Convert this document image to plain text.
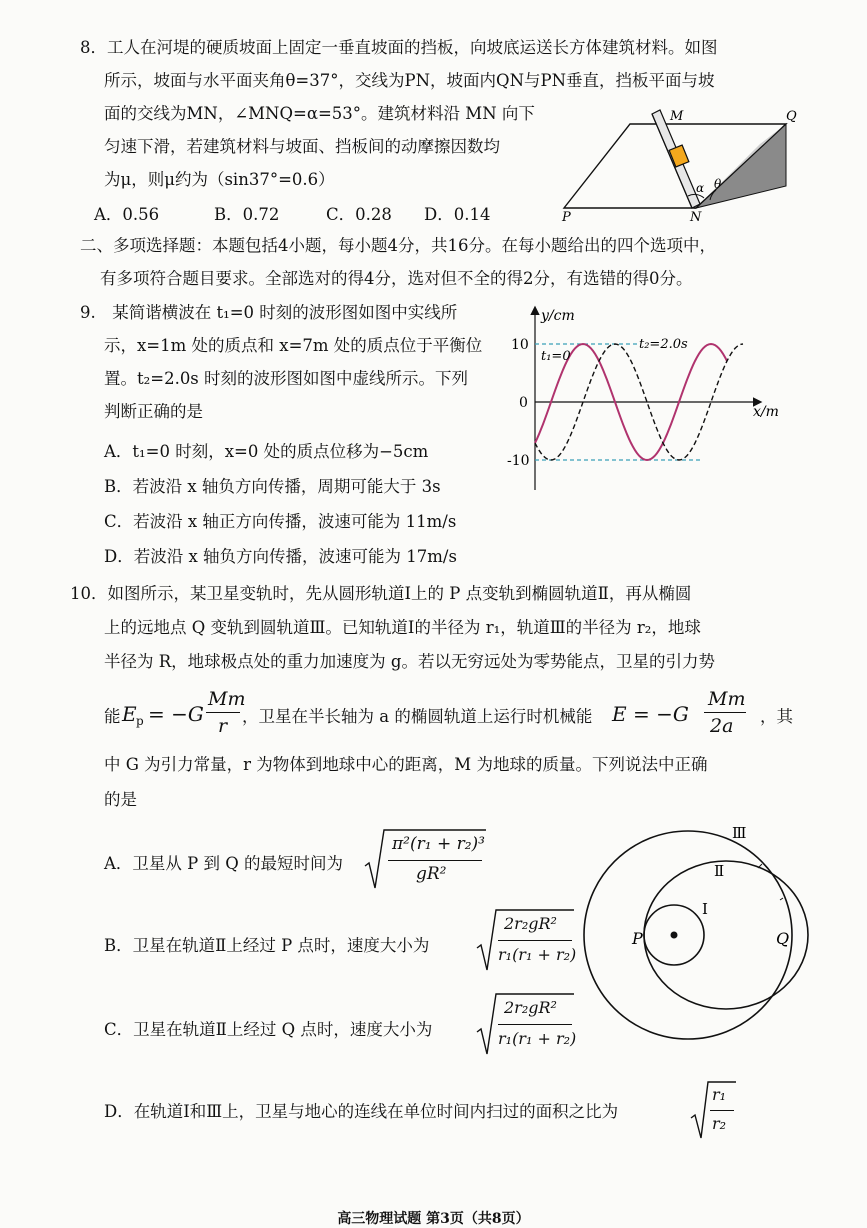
8．工人在河堤的硬质坡面上固定一垂直坡面的挡板，向坡底运送长方体建筑材料。如图
所示，坡面与水平面夹角θ=37°，交线为PN，坡面内QN与PN垂直，挡板平面与坡
面的交线为MN，∠MNQ=α=53°。建筑材料沿 MN 向下
匀速下滑，若建筑材料与坡面、挡板间的动摩擦因数均
为μ，则μ约为（sin37°=0.6）
A．0.56	B．0.72	C．0.28 D．0.14
M	Q
P	N
α θ
二、多项选择题：本题包括4小题，每小题4分，共16分。在每小题给出的四个选项中，
有多项符合题目要求。全部选对的得4分，选对但不全的得2分，有选错的得0分。
9.　某简谐横波在 t₁=0 时刻的波形图如图中实线所
示，x=1m 处的质点和 x=7m 处的质点位于平衡位
置。t₂=2.0s 时刻的波形图如图中虚线所示。下列
判断正确的是
A．t₁=0 时刻，x=0 处的质点位移为−5cm
B．若波沿 x 轴负方向传播，周期可能大于 3s
C．若波沿 x 轴正方向传播，波速可能为 11m/s
D．若波沿 x 轴负方向传播，波速可能为 17m/s
y/cm
x/m
10
0
-10
t₁=0
t₂=2.0s
10．如图所示，某卫星变轨时，先从圆形轨道Ⅰ上的 P 点变轨到椭圆轨道Ⅱ，再从椭圆
上的远地点 Q 变轨到圆轨道Ⅲ。已知轨道Ⅰ的半径为 r₁，轨道Ⅲ的半径为 r₂，地球
半径为 R，地球极点处的重力加速度为 g。若以无穷远处为零势能点，卫星的引力势
能 E p = −G
Mm
r ，卫星在半长轴为 a 的椭圆轨道上运行时机械能 E = −G
Mm
2a ，其
中 G 为引力常量，r 为物体到地球中心的距离，M 为地球的质量。下列说法中正确
的是
A．卫星从 P 到 Q 的最短时间为
π²(r₁ + r₂)³
gR²
B．卫星在轨道Ⅱ上经过 P 点时，速度大小为
2r₂gR²
r₁(r₁ + r₂)
C．卫星在轨道Ⅱ上经过 Q 点时，速度大小为
2r₂gR²
r₁(r₁ + r₂)
D．在轨道Ⅰ和Ⅲ上，卫星与地心的连线在单位时间内扫过的面积之比为
r₁
r₂
Ⅲ
Ⅱ
Ⅰ
P	Q
高三物理试题 第3页（共8页）
